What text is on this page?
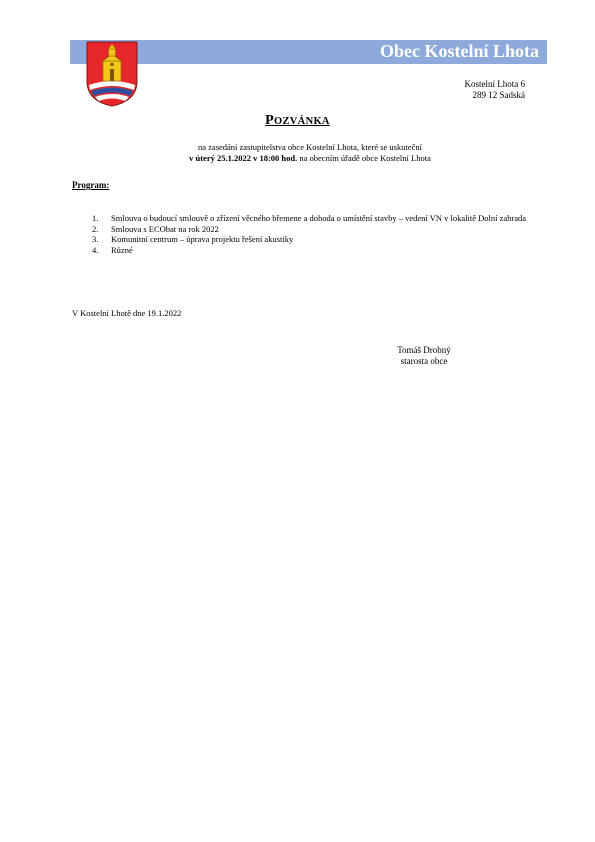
Obec Kostelní Lhota
Kostelní Lhota 6
289 12 Sadská
POZVÁNKA
na zasedání zastupitelstva obce Kostelní Lhota, které se uskuteční
v úterý 25.1.2022 v 18:00 hod. na obecním úřadě obce Kostelní Lhota
Program:
1.	Smlouva o budoucí smlouvě o zřízení věcného břemene a dohoda o umístění stavby – vedení VN v lokalitě Dolní zahrada
2.	Smlouva s ECObat na rok 2022
3.	Komunitní centrum – úprava projektu řešení akustiky
4.	Různé
V Kostelní Lhotě dne 19.1.2022
Tomáš Drobný
starosta obce
